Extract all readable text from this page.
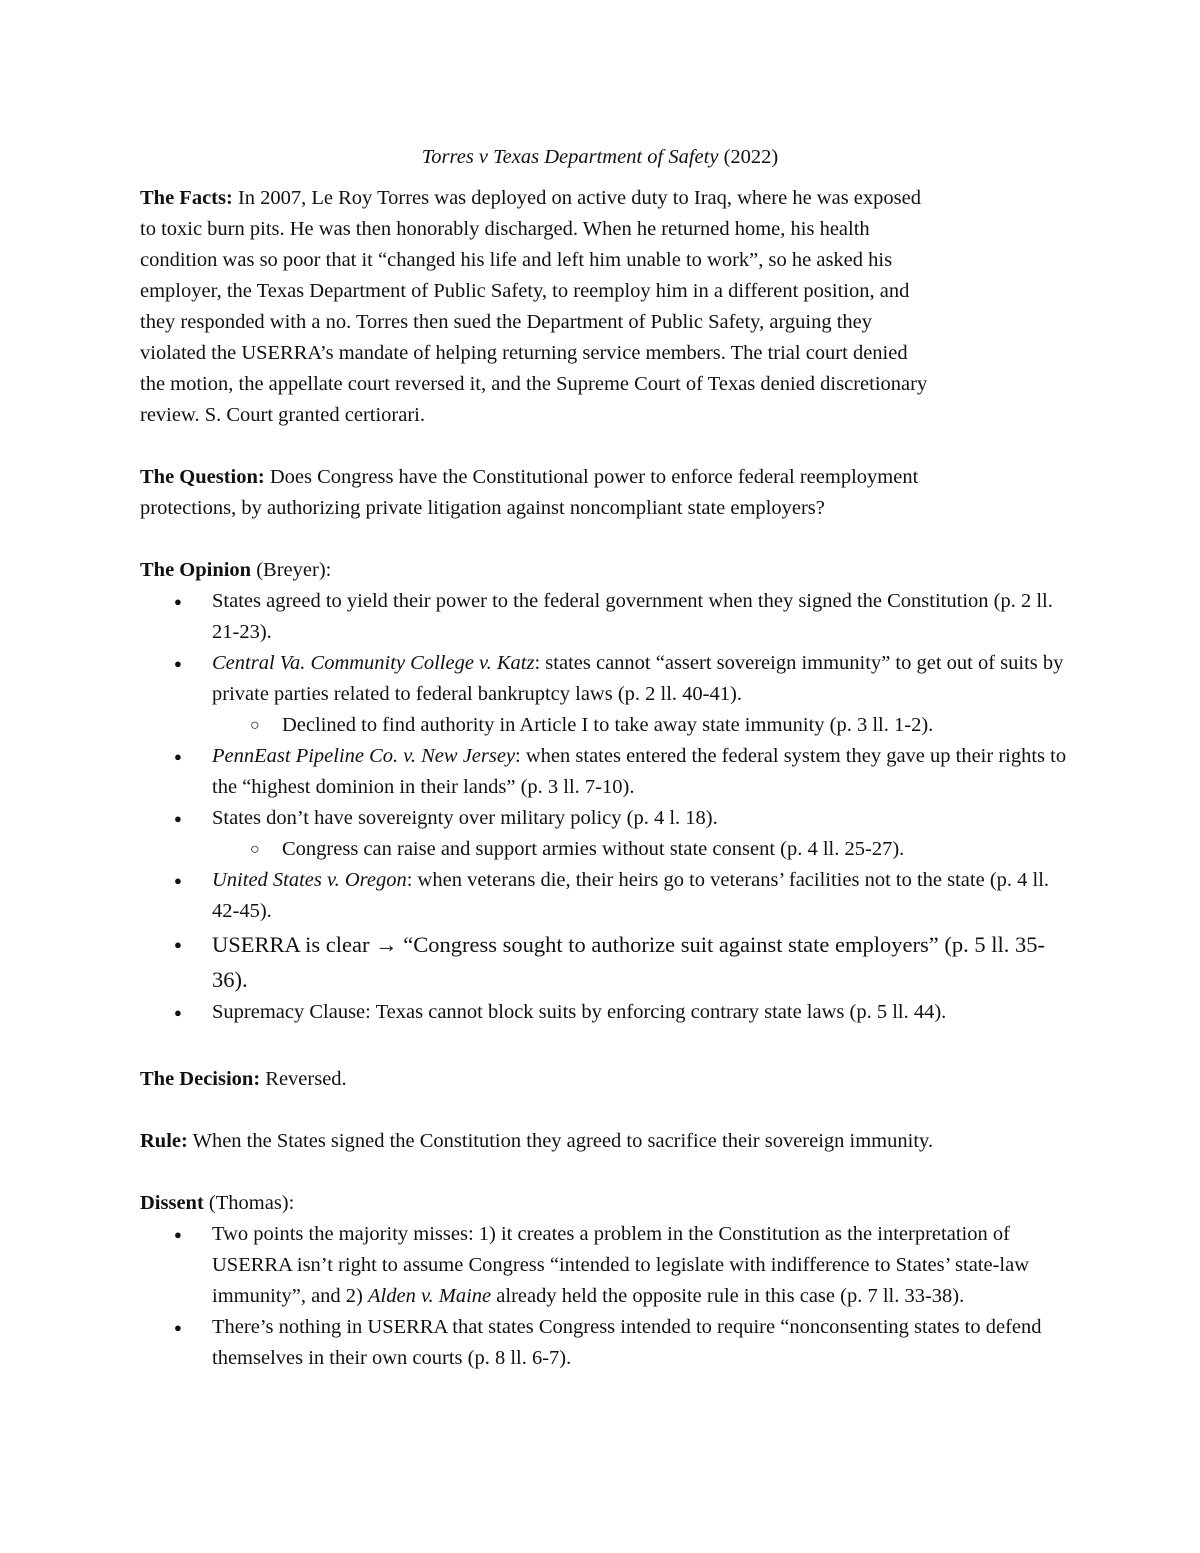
Torres v Texas Department of Safety (2022)
The Facts: In 2007, Le Roy Torres was deployed on active duty to Iraq, where he was exposed
to toxic burn pits. He was then honorably discharged. When he returned home, his health
condition was so poor that it “changed his life and left him unable to work”, so he asked his
employer, the Texas Department of Public Safety, to reemploy him in a different position, and
they responded with a no. Torres then sued the Department of Public Safety, arguing they
violated the USERRA’s mandate of helping returning service members. The trial court denied
the motion, the appellate court reversed it, and the Supreme Court of Texas denied discretionary
review. S. Court granted certiorari.
The Question: Does Congress have the Constitutional power to enforce federal reemployment
protections, by authorizing private litigation against noncompliant state employers?
The Opinion (Breyer):
● States agreed to yield their power to the federal government when they signed the Constitution (p. 2 ll. 21-23).
● Central Va. Community College v. Katz: states cannot “assert sovereign immunity” to get out of suits by private parties related to federal bankruptcy laws (p. 2 ll. 40-41).
○ Declined to find authority in Article I to take away state immunity (p. 3 ll. 1-2).
● PennEast Pipeline Co. v. New Jersey: when states entered the federal system they gave up their rights to the “highest dominion in their lands” (p. 3 ll. 7-10).
● States don’t have sovereignty over military policy (p. 4 l. 18).
○ Congress can raise and support armies without state consent (p. 4 ll. 25-27).
● United States v. Oregon: when veterans die, their heirs go to veterans’ facilities not to the state (p. 4 ll. 42-45).
● USERRA is clear → “Congress sought to authorize suit against state employers” (p. 5 ll. 35-36).
● Supremacy Clause: Texas cannot block suits by enforcing contrary state laws (p. 5 ll. 44).
The Decision: Reversed.
Rule: When the States signed the Constitution they agreed to sacrifice their sovereign immunity.
Dissent (Thomas):
● Two points the majority misses: 1) it creates a problem in the Constitution as the interpretation of USERRA isn’t right to assume Congress “intended to legislate with indifference to States’ state-law immunity”, and 2) Alden v. Maine already held the opposite rule in this case (p. 7 ll. 33-38).
● There’s nothing in USERRA that states Congress intended to require “nonconsenting states to defend themselves in their own courts (p. 8 ll. 6-7).
